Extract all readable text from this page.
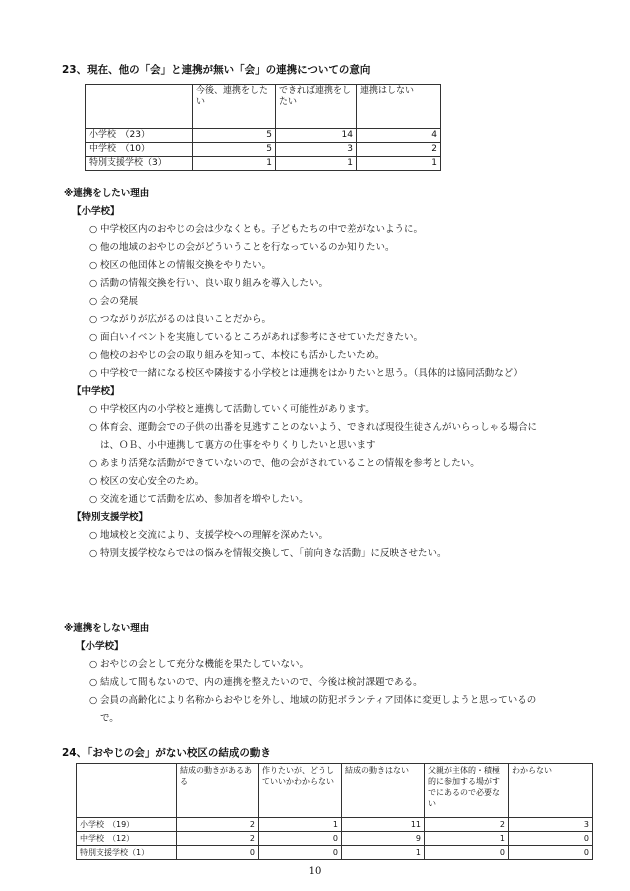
23、現在、他の「会」と連携が無い「会」の連携についての意向
	今後、連携をしたい	できれば連携をしたい	連携はしない
小学校　（23）	5	14	4
中学校　（10）	5	3	2
特別支援学校（3）	1	1	1
※連携をしたい理由
【小学校】
○ 中学校区内のおやじの会は少なくとも。子どもたちの中で差がないように。
○ 他の地域のおやじの会がどういうことを行なっているのか知りたい。
○ 校区の他団体との情報交換をやりたい。
○ 活動の情報交換を行い、良い取り組みを導入したい。
○ 会の発展
○ つながりが広がるのは良いことだから。
○ 面白いイベントを実施しているところがあれば参考にさせていただきたい。
○ 他校のおやじの会の取り組みを知って、本校にも活かしたいため。
○ 中学校で一緒になる校区や隣接する小学校とは連携をはかりたいと思う。（具体的は協同活動など）
【中学校】
○ 中学校区内の小学校と連携して活動していく可能性があります。
○ 体育会、運動会での子供の出番を見逃すことのないよう、できれば現役生徒さんがいらっしゃる場合には、ＯＢ、小中連携して裏方の仕事をやりくりしたいと思います
○ あまり活発な活動ができていないので、他の会がされていることの情報を参考としたい。
○ 校区の安心安全のため。
○ 交流を通じて活動を広め、参加者を増やしたい。
【特別支援学校】
○ 地域校と交流により、支援学校への理解を深めたい。
○ 特別支援学校ならではの悩みを情報交換して、「前向きな活動」に反映させたい。
※連携をしない理由
【小学校】
○ おやじの会として充分な機能を果たしていない。
○ 結成して間もないので、内の連携を整えたいので、今後は検討課題である。
○ 会員の高齢化により名称からおやじを外し、地域の防犯ボランティア団体に変更しようと思っているので。
24、「おやじの会」がない校区の結成の動き
	結成の動きがあるある	作りたいが、どうしていいかわからない	結成の動きはない	父親が主体的・積極的に参加する場がすでにあるので必要ない	わからない
小学校　（19）	2	1	11	2	3
中学校　（12）	2	0	9	1	0
特別支援学校（1）	0	0	1	0	0
10
